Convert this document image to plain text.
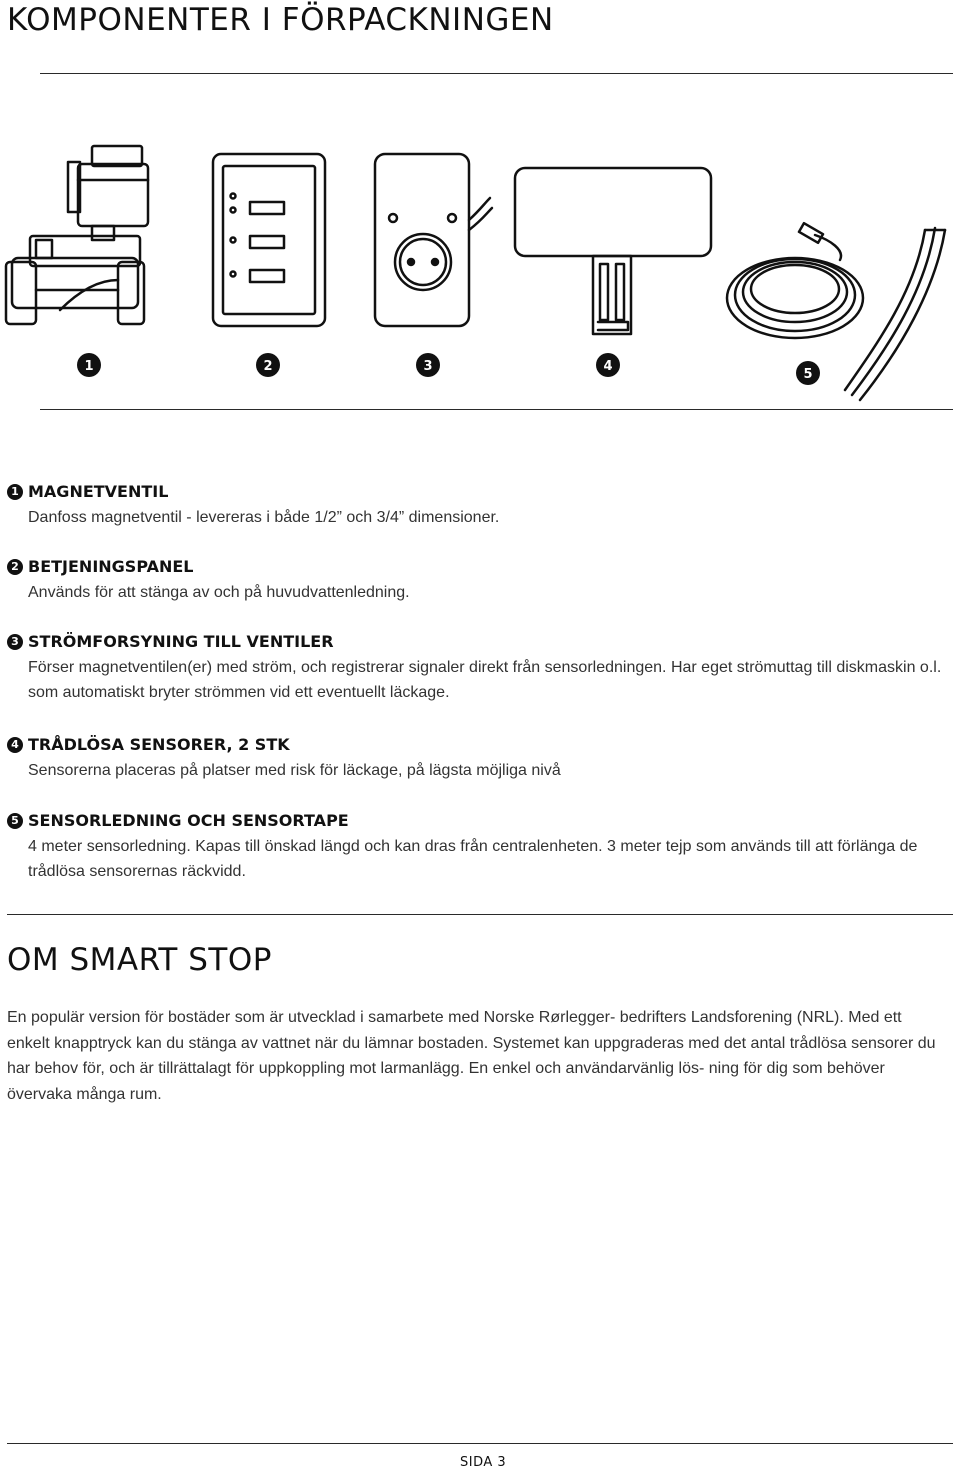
KOMPONENTER I FÖRPACKNINGEN
1	2	3	4
5
1 MAGNETVENTIL
Danfoss magnetventil - levereras i både 1/2” och 3/4” dimensioner.
2 BETJENINGSPANEL
Används för att stänga av och på huvudvattenledning.
3 STRÖMFORSYNING TILL VENTILER
Förser magnetventilen(er) med ström, och registrerar signaler direkt från sensorledningen. Har eget strömuttag till diskmaskin o.l. som automatiskt bryter strömmen vid ett eventuellt läckage.
4 TRÅDLÖSA SENSORER, 2 STK
Sensorerna placeras på platser med risk för läckage, på lägsta möjliga nivå
5 SENSORLEDNING OCH SENSORTAPE
4 meter sensorledning. Kapas till önskad längd och kan dras från centralenheten. 3 meter tejp som används till att förlänga de trådlösa sensorernas räckvidd.
OM SMART STOP
En populär version för bostäder som är utvecklad i samarbete med Norske Rørlegger- bedrifters Landsforening (NRL). Med ett enkelt knapptryck kan du stänga av vattnet när du lämnar bostaden. Systemet kan uppgraderas med det antal trådlösa sensorer du har behov för, och är tillrättalagt för uppkoppling mot larmanlägg. En enkel och användarvänlig lös- ning för dig som behöver övervaka många rum.
SIDA 3
